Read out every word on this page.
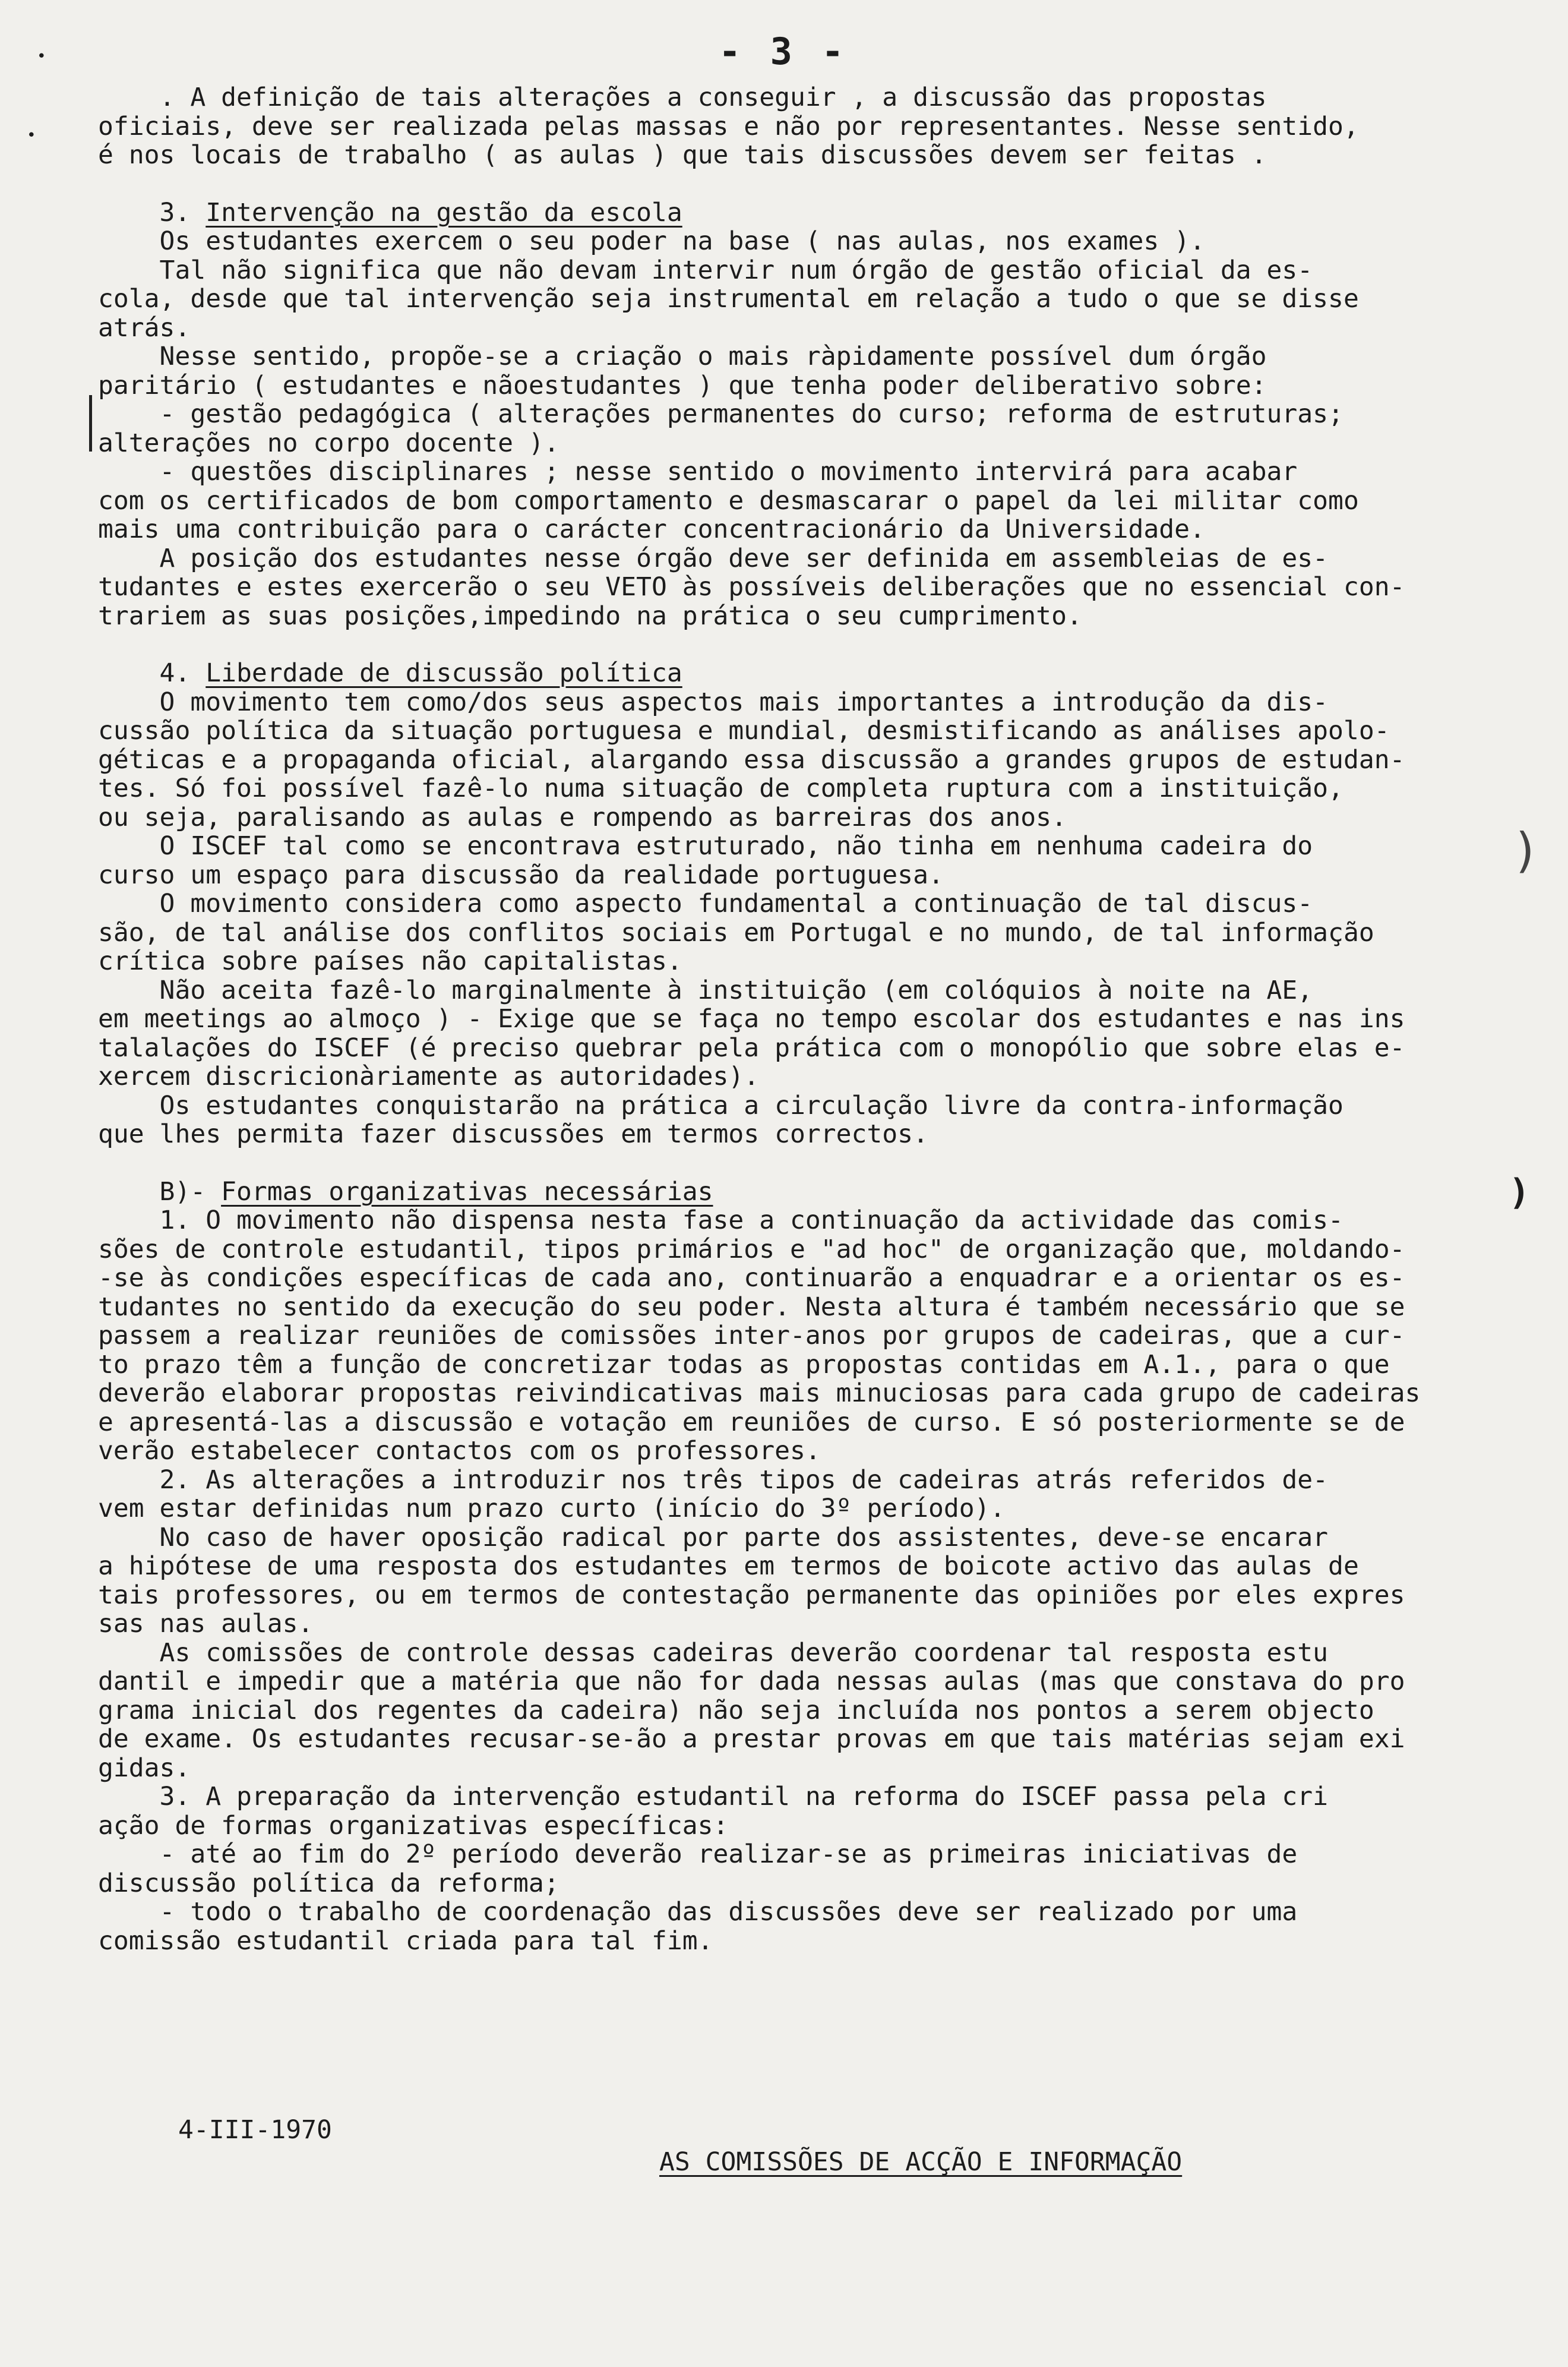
•
•
- 3 -
)
)
. A definição de tais alterações a conseguir , a discussão das propostas
oficiais, deve ser realizada pelas massas e não por representantes. Nesse sentido,
é nos locais de trabalho ( as aulas ) que tais discussões devem ser feitas .
3. Intervenção na gestão da escola
Os estudantes exercem o seu poder na base ( nas aulas, nos exames ).
Tal não significa que não devam intervir num órgão de gestão oficial da es-
cola, desde que tal intervenção seja instrumental em relação a tudo o que se disse
atrás.
Nesse sentido, propõe-se a criação o mais ràpidamente possível dum órgão
paritário ( estudantes e nãoestudantes ) que tenha poder deliberativo sobre:
- gestão pedagógica ( alterações permanentes do curso; reforma de estruturas;
alterações no corpo docente ).
- questões disciplinares ; nesse sentido o movimento intervirá para acabar
com os certificados de bom comportamento e desmascarar o papel da lei militar como
mais uma contribuição para o carácter concentracionário da Universidade.
A posição dos estudantes nesse órgão deve ser definida em assembleias de es-
tudantes e estes exercerão o seu VETO às possíveis deliberações que no essencial con-
trariem as suas posições,impedindo na prática o seu cumprimento.
4. Liberdade de discussão política
O movimento tem como/dos seus aspectos mais importantes a introdução da dis-
cussão política da situação portuguesa e mundial, desmistificando as análises apolo-
géticas e a propaganda oficial, alargando essa discussão a grandes grupos de estudan-
tes. Só foi possível fazê-lo numa situação de completa ruptura com a instituição,
ou seja, paralisando as aulas e rompendo as barreiras dos anos.
O ISCEF tal como se encontrava estruturado, não tinha em nenhuma cadeira do
curso um espaço para discussão da realidade portuguesa.
O movimento considera como aspecto fundamental a continuação de tal discus-
são, de tal análise dos conflitos sociais em Portugal e no mundo, de tal informação
crítica sobre países não capitalistas.
Não aceita fazê-lo marginalmente à instituição (em colóquios à noite na AE,
em meetings ao almoço ) - Exige que se faça no tempo escolar dos estudantes e nas ins
talalações do ISCEF (é preciso quebrar pela prática com o monopólio que sobre elas e-
xercem discricionàriamente as autoridades).
Os estudantes conquistarão na prática a circulação livre da contra-informação
que lhes permita fazer discussões em termos correctos.
B)- Formas organizativas necessárias
1. O movimento não dispensa nesta fase a continuação da actividade das comis-
sões de controle estudantil, tipos primários e "ad hoc" de organização que, moldando-
-se às condições específicas de cada ano, continuarão a enquadrar e a orientar os es-
tudantes no sentido da execução do seu poder. Nesta altura é também necessário que se
passem a realizar reuniões de comissões inter-anos por grupos de cadeiras, que a cur-
to prazo têm a função de concretizar todas as propostas contidas em A.1., para o que
deverão elaborar propostas reivindicativas mais minuciosas para cada grupo de cadeiras
e apresentá-las a discussão e votação em reuniões de curso. E só posteriormente se de
verão estabelecer contactos com os professores.
2. As alterações a introduzir nos três tipos de cadeiras atrás referidos de-
vem estar definidas num prazo curto (início do 3º período).
No caso de haver oposição radical por parte dos assistentes, deve-se encarar
a hipótese de uma resposta dos estudantes em termos de boicote activo das aulas de
tais professores, ou em termos de contestação permanente das opiniões por eles expres
sas nas aulas.
As comissões de controle dessas cadeiras deverão coordenar tal resposta estu
dantil e impedir que a matéria que não for dada nessas aulas (mas que constava do pro
grama inicial dos regentes da cadeira) não seja incluída nos pontos a serem objecto
de exame. Os estudantes recusar-se-ão a prestar provas em que tais matérias sejam exi
gidas.
3. A preparação da intervenção estudantil na reforma do ISCEF passa pela cri
ação de formas organizativas específicas:
- até ao fim do 2º período deverão realizar-se as primeiras iniciativas de
discussão política da reforma;
- todo o trabalho de coordenação das discussões deve ser realizado por uma
comissão estudantil criada para tal fim.
4-III-1970
AS COMISSÕES DE ACÇÃO E INFORMAÇÃO
